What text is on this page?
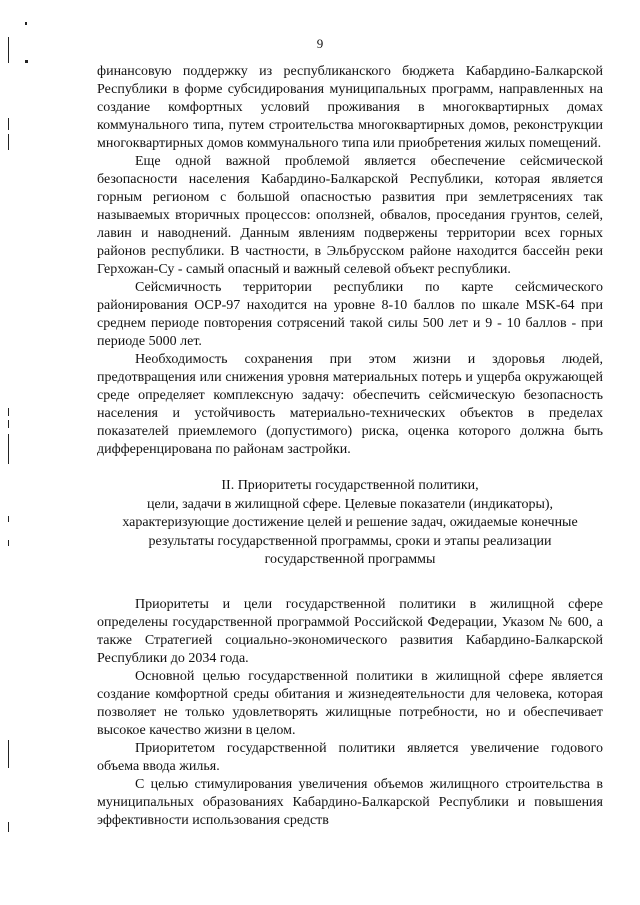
9

финансовую поддержку из республиканского бюджета Кабардино-Балкарской Республики в форме субсидирования муниципальных программ, направленных на создание комфортных условий проживания в многоквартирных домах коммунального типа, путем строительства многоквартирных домов, реконструкции многоквартирных домов коммунального типа или приобретения жилых помещений.

Еще одной важной проблемой является обеспечение сейсмической безопасности населения Кабардино-Балкарской Республики, которая является горным регионом с большой опасностью развития при землетрясениях так называемых вторичных процессов: оползней, обвалов, проседания грунтов, селей, лавин и наводнений. Данным явлениям подвержены территории всех горных районов республики. В частности, в Эльбрусском районе находится бассейн реки Герхожан-Су - самый опасный и важный селевой объект республики.

Сейсмичность территории республики по карте сейсмического районирования ОСР-97 находится на уровне 8-10 баллов по шкале MSK-64 при среднем периоде повторения сотрясений такой силы 500 лет и 9 - 10 баллов - при периоде 5000 лет.

Необходимость сохранения при этом жизни и здоровья людей, предотвращения или снижения уровня материальных потерь и ущерба окружающей среде определяет комплексную задачу: обеспечить сейсмическую безопасность населения и устойчивость материально-технических объектов в пределах показателей приемлемого (допустимого) риска, оценка которого должна быть дифференцирована по районам застройки.

II. Приоритеты государственной политики,
цели, задачи в жилищной сфере. Целевые показатели (индикаторы),
характеризующие достижение целей и решение задач, ожидаемые конечные
результаты государственной программы, сроки и этапы реализации
государственной программы

Приоритеты и цели государственной политики в жилищной сфере определены государственной программой Российской Федерации, Указом № 600, а также Стратегией социально-экономического развития Кабардино-Балкарской Республики до 2034 года.

Основной целью государственной политики в жилищной сфере является создание комфортной среды обитания и жизнедеятельности для человека, которая позволяет не только удовлетворять жилищные потребности, но и обеспечивает высокое качество жизни в целом.

Приоритетом государственной политики является увеличение годового объема ввода жилья.

С целью стимулирования увеличения объемов жилищного строительства в муниципальных образованиях Кабардино-Балкарской Республики и повышения эффективности использования средств
